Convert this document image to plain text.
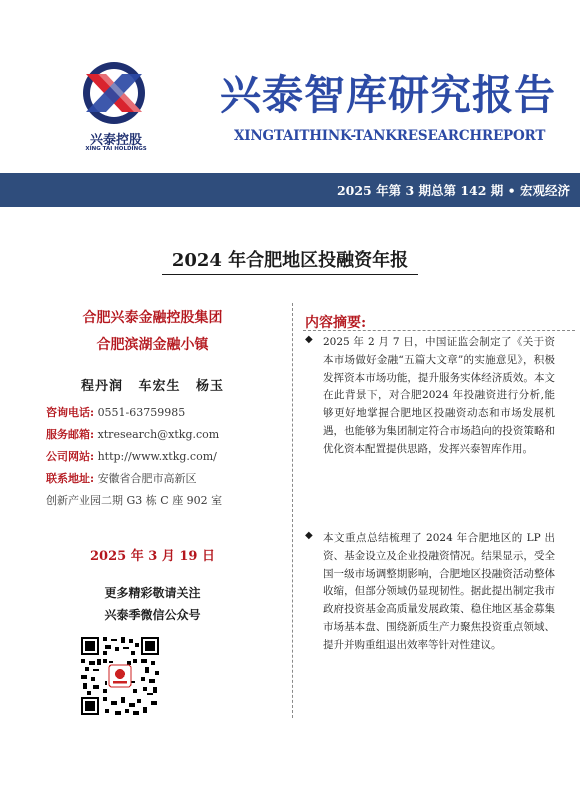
兴泰控股
XING TAI HOLDINGS
兴泰智库研究报告
XINGTAITHINK-TANKRESEARCHREPORT
2025 年第 3 期总第 142 期 • 宏观经济
2024 年合肥地区投融资年报
合肥兴泰金融控股集团
合肥滨湖金融小镇
程丹润 车宏生 杨玉
咨询电话: 0551-63759985
服务邮箱: xtresearch@xtkg.com
公司网站: http://www.xtkg.com/
联系地址: 安徽省合肥市高新区
创新产业园二期 G3 栋 C 座 902 室
2025 年 3 月 19 日
更多精彩敬请关注
兴泰季微信公众号
内容摘要:
◆ 2025 年 2 月 7 日，中国证监会制定了《关于资本市场做好金融“五篇大文章”的实施意见》，积极发挥资本市场功能，提升服务实体经济质效。本文在此背景下，对合肥2024 年投融资进行分析,能够更好地掌握合肥地区投融资动态和市场发展机遇，也能够为集团制定符合市场趋向的投资策略和优化资本配置提供思路，发挥兴泰智库作用。
◆ 本文重点总结梳理了 2024 年合肥地区的 LP 出资、基金设立及企业投融资情况。结果显示，受全国一级市场调整期影响，合肥地区投融资活动整体收缩，但部分领域仍显现韧性。据此提出制定我市政府投资基金高质量发展政策、稳住地区基金募集市场基本盘、围绕新质生产力聚焦投资重点领域、提升并购重组退出效率等针对性建议。
